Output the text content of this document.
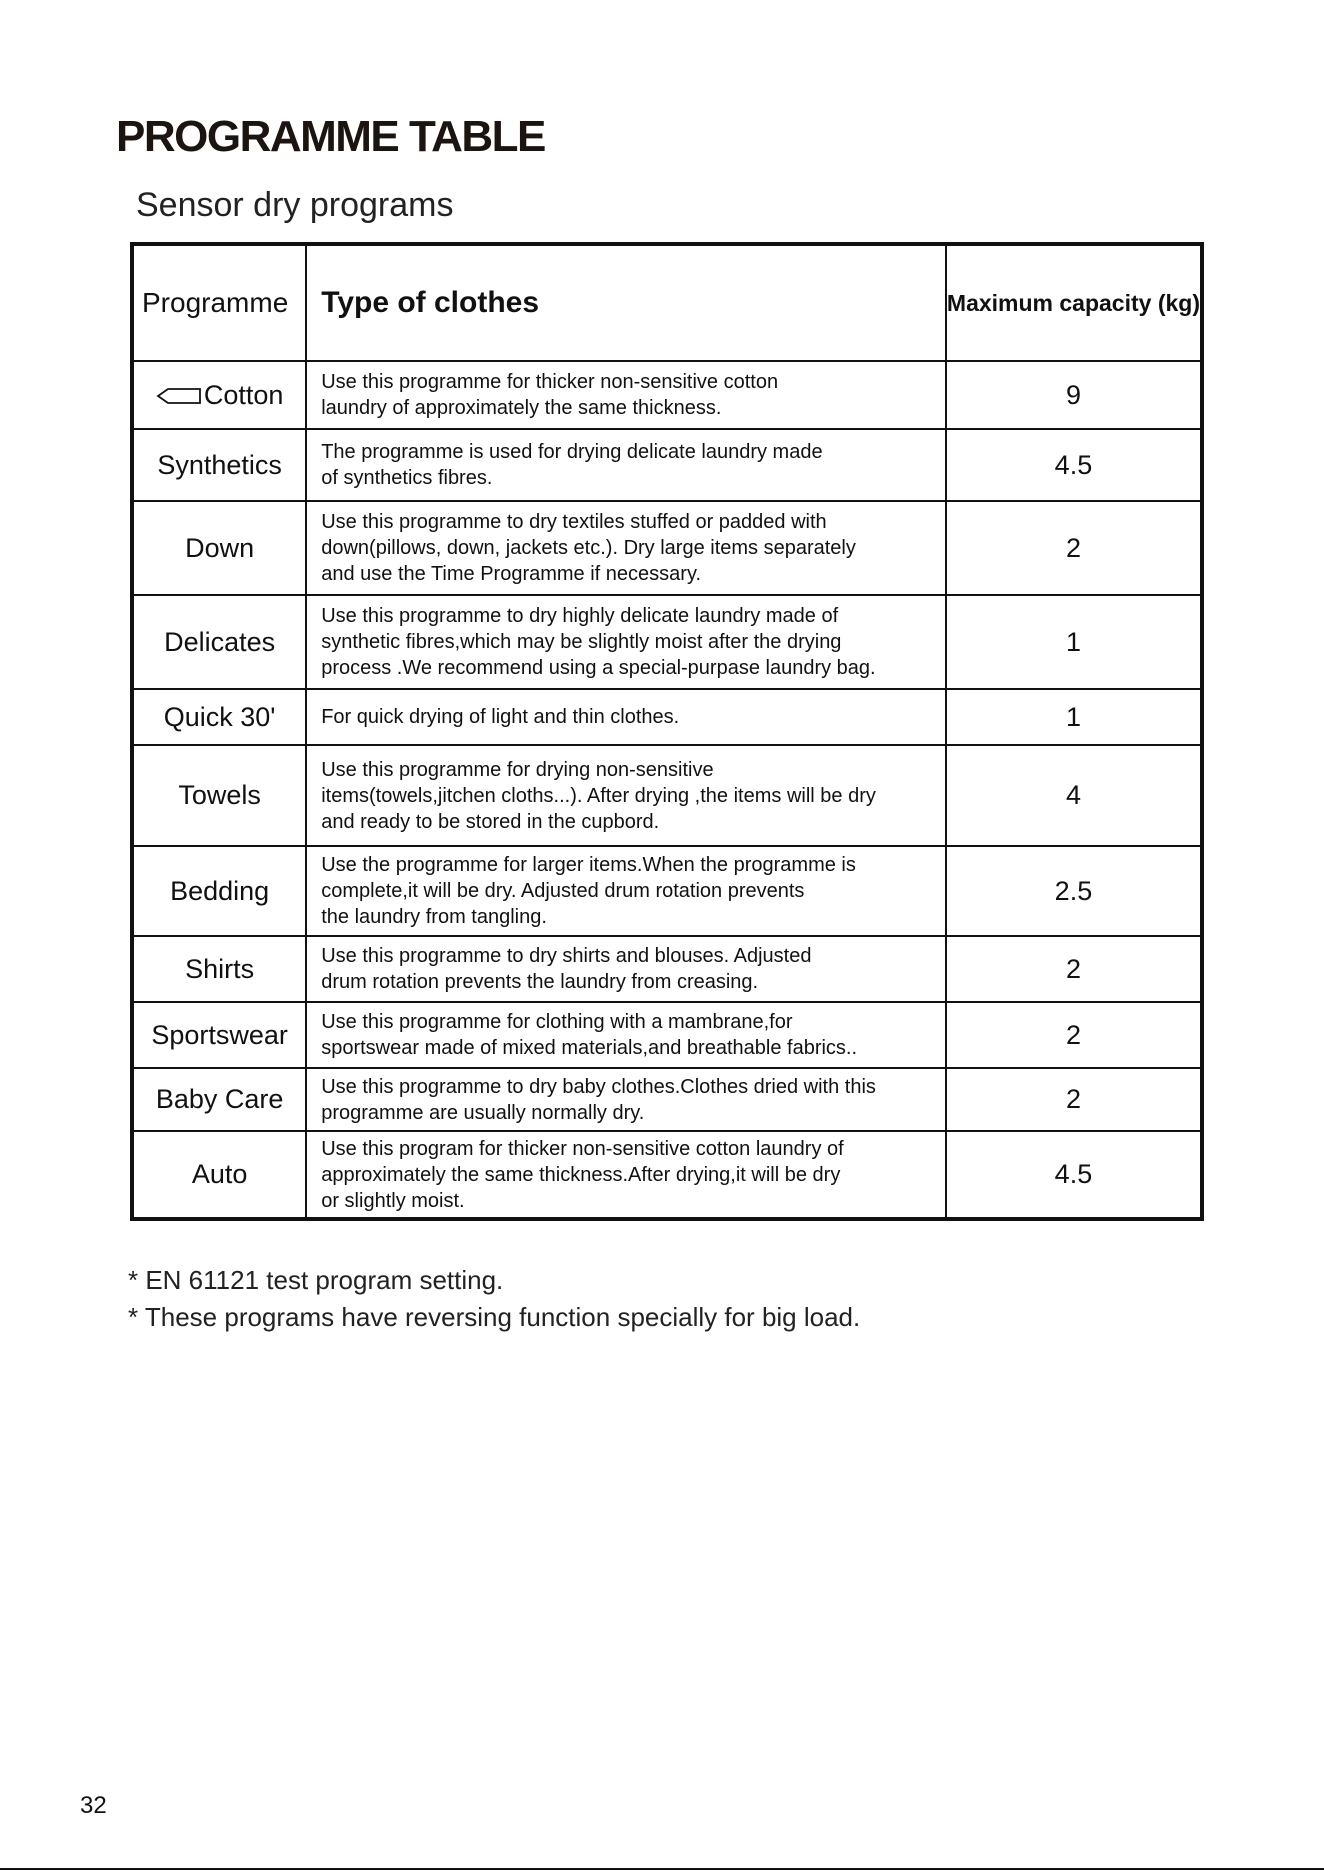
PROGRAMME TABLE
Sensor dry programs
Programme	Type of clothes	Maximum capacity (kg)
Cotton	Use this programme for thicker non-sensitive cotton
laundry of approximately the same thickness.	9
Synthetics	The programme is used for drying delicate laundry made
of synthetics fibres.	4.5
Down	Use this programme to dry textiles stuffed or padded with
down(pillows, down, jackets etc.). Dry large items separately
and use the Time Programme if necessary.	2
Delicates	Use this programme to dry highly delicate laundry made of
synthetic fibres,which may be slightly moist after the drying
process .We recommend using a special-purpase laundry bag.	1
Quick 30'	For quick drying of light and thin clothes.	1
Towels	Use this programme for drying non-sensitive
items(towels,jitchen cloths...). After drying ,the items will be dry
and ready to be stored in the cupbord.	4
Bedding	Use the programme for larger items.When the programme is
complete,it will be dry. Adjusted drum rotation prevents
the laundry from tangling.	2.5
Shirts	Use this programme to dry shirts and blouses. Adjusted
drum rotation prevents the laundry from creasing.	2
Sportswear	Use this programme for clothing with a mambrane,for
sportswear made of mixed materials,and breathable fabrics..	2
Baby Care	Use this programme to dry baby clothes.Clothes dried with this
programme are usually normally dry.	2
Auto	Use this program for thicker non-sensitive cotton laundry of
approximately the same thickness.After drying,it will be dry
or slightly moist.	4.5
* EN 61121 test program setting.
* These programs have reversing function specially for big load.
32
